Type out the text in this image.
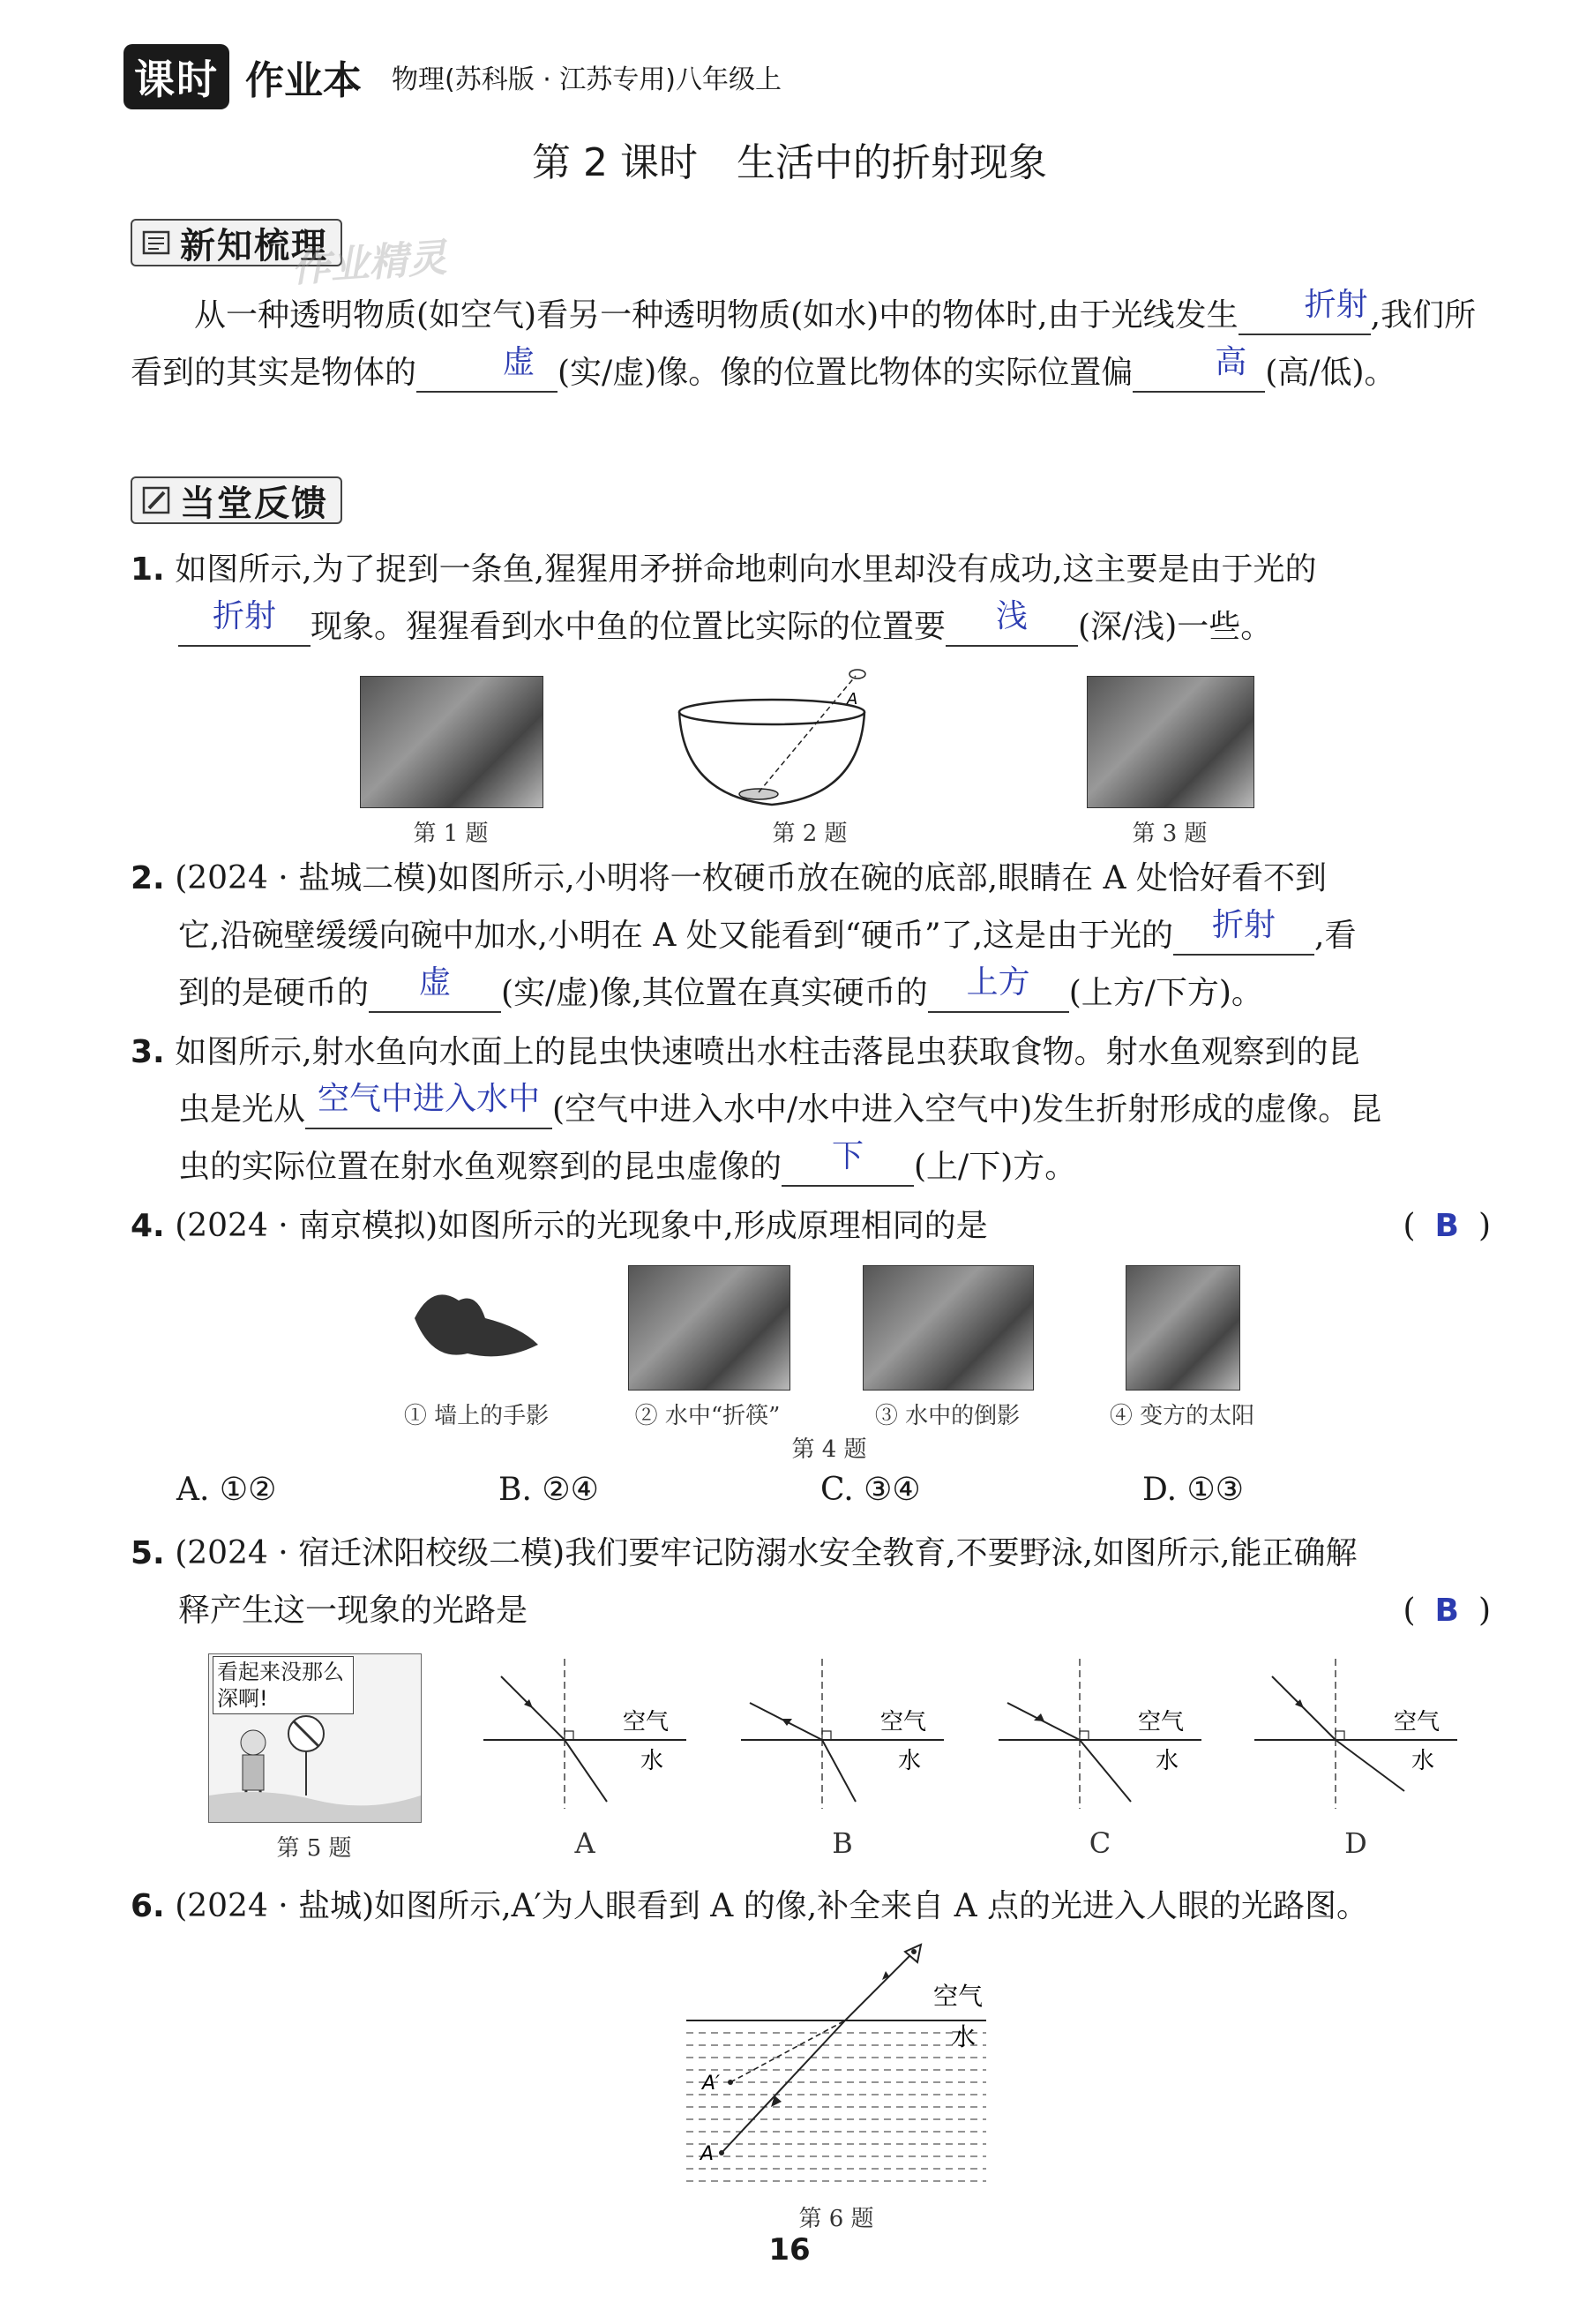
课时 作业本 物理(苏科版 · 江苏专用)八年级上
第 2 课时　生活中的折射现象
新知梳理
作业精灵
从一种透明物质(如空气)看另一种透明物质(如水)中的物体时,由于光线发生 折射,我们所看到的其实是物体的	虚 (实/虚)像。像的位置比物体的实际位置偏	高 (高/低)。
当堂反馈
1. 如图所示,为了捉到一条鱼,猩猩用矛拼命地刺向水里却没有成功,这主要是由于光的
折射 现象。猩猩看到水中鱼的位置比实际的位置要 浅 (深/浅)一些。
第 1 题
A
第 2 题	第 3 题
2. (2024 · 盐城二模)如图所示,小明将一枚硬币放在碗的底部,眼睛在 A 处恰好看不到
它,沿碗壁缓缓向碗中加水,小明在 A 处又能看到“硬币”了,这是由于光的 折射 ,看
到的是硬币的 虚 (实/虚)像,其位置在真实硬币的 上方 (上方/下方)。
3. 如图所示,射水鱼向水面上的昆虫快速喷出水柱击落昆虫获取食物。射水鱼观察到的昆
虫是光从 空气中进入水中 (空气中进入水中/水中进入空气中)发生折射形成的虚像。昆
虫的实际位置在射水鱼观察到的昆虫虚像的 下 (上/下)方。
4. (2024 · 南京模拟)如图所示的光现象中,形成原理相同的是	( B )
① 墙上的手影	② 水中“折筷”	③ 水中的倒影	④ 变方的太阳
第 4 题
A. ①②	B. ②④	C. ③④	D. ①③
5. (2024 · 宿迁沭阳校级二模)我们要牢记防溺水安全教育,不要野泳,如图所示,能正确解
释产生这一现象的光路是	( B )
看起来没那么深啊!
第 5 题
空气
水
空气
水
空气
水
空气
水
A	B	C	D
6. (2024 · 盐城)如图所示,A′为人眼看到 A 的像,补全来自 A 点的光进入人眼的光路图。
空气
水
A′
A
第 6 题
16
